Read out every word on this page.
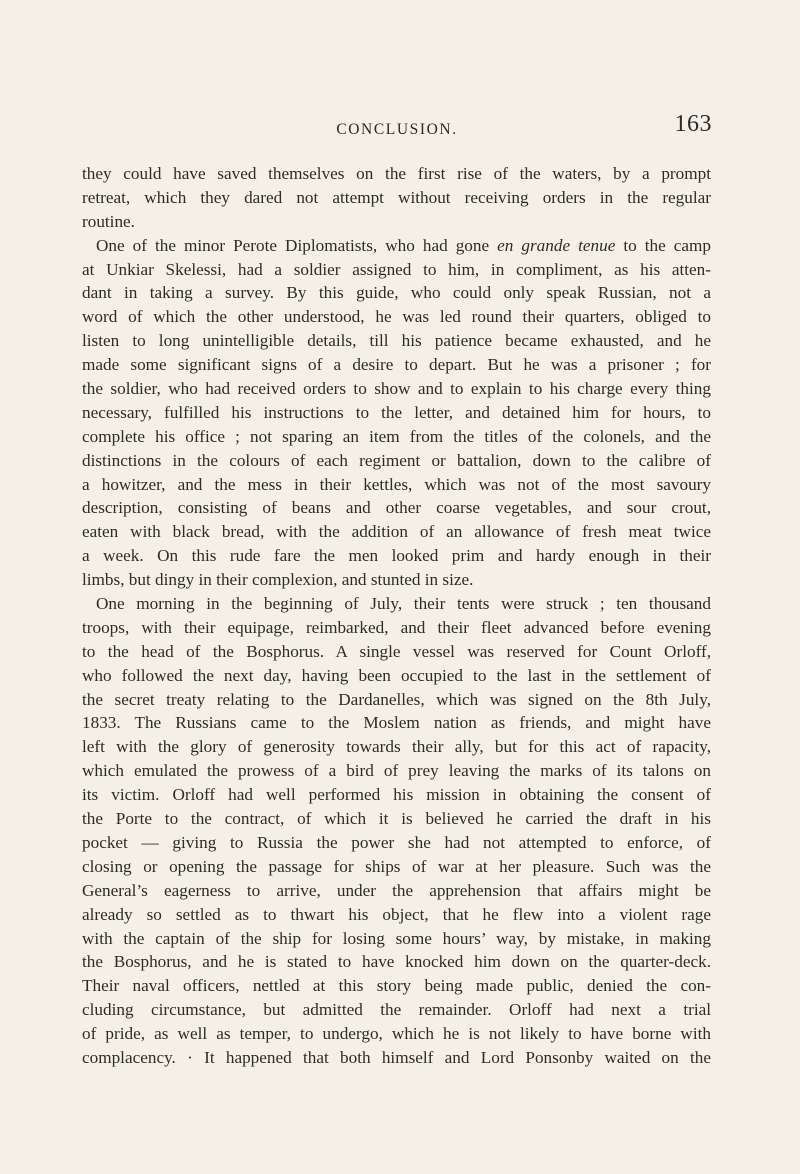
CONCLUSION.	163
they could have saved themselves on the first rise of the waters, by a prompt
retreat, which they dared not attempt without receiving orders in the regular
routine.
One of the minor Perote Diplomatists, who had gone en grande tenue to the camp
at Unkiar Skelessi, had a soldier assigned to him, in compliment, as his atten-
dant in taking a survey. By this guide, who could only speak Russian, not a
word of which the other understood, he was led round their quarters, obliged to
listen to long unintelligible details, till his patience became exhausted, and he
made some significant signs of a desire to depart. But he was a prisoner ; for
the soldier, who had received orders to show and to explain to his charge every thing
necessary, fulfilled his instructions to the letter, and detained him for hours, to
complete his office ; not sparing an item from the titles of the colonels, and the
distinctions in the colours of each regiment or battalion, down to the calibre of
a howitzer, and the mess in their kettles, which was not of the most savoury
description, consisting of beans and other coarse vegetables, and sour crout,
eaten with black bread, with the addition of an allowance of fresh meat twice
a week. On this rude fare the men looked prim and hardy enough in their
limbs, but dingy in their complexion, and stunted in size.
One morning in the beginning of July, their tents were struck ; ten thousand
troops, with their equipage, reimbarked, and their fleet advanced before evening
to the head of the Bosphorus. A single vessel was reserved for Count Orloff,
who followed the next day, having been occupied to the last in the settlement of
the secret treaty relating to the Dardanelles, which was signed on the 8th July,
1833. The Russians came to the Moslem nation as friends, and might have
left with the glory of generosity towards their ally, but for this act of rapacity,
which emulated the prowess of a bird of prey leaving the marks of its talons on
its victim. Orloff had well performed his mission in obtaining the consent of
the Porte to the contract, of which it is believed he carried the draft in his
pocket — giving to Russia the power she had not attempted to enforce, of
closing or opening the passage for ships of war at her pleasure. Such was the
General’s eagerness to arrive, under the apprehension that affairs might be
already so settled as to thwart his object, that he flew into a violent rage
with the captain of the ship for losing some hours’ way, by mistake, in making
the Bosphorus, and he is stated to have knocked him down on the quarter-deck.
Their naval officers, nettled at this story being made public, denied the con-
cluding circumstance, but admitted the remainder. Orloff had next a trial
of pride, as well as temper, to undergo, which he is not likely to have borne with
complacency. · It happened that both himself and Lord Ponsonby waited on the
